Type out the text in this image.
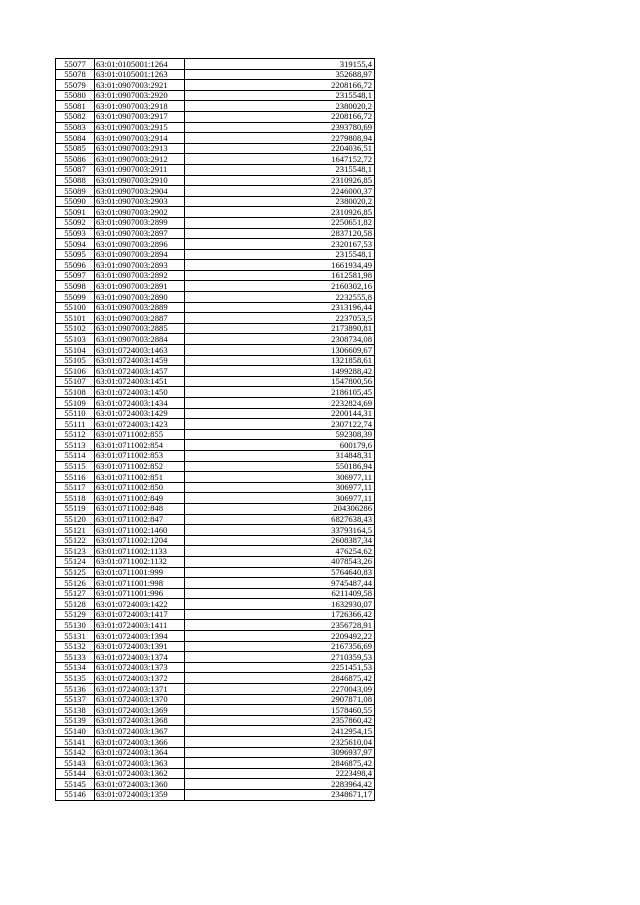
55077	63:01:0105001:1264	319155,4
55078	63:01:0105001:1263	352688,97
55079	63:01:0907003:2921	2208166,72
55080	63:01:0907003:2920	2315548,1
55081	63:01:0907003:2918	2380020,2
55082	63:01:0907003:2917	2208166,72
55083	63:01:0907003:2915	2393780,69
55084	63:01:0907003:2914	2279808,94
55085	63:01:0907003:2913	2204036,51
55086	63:01:0907003:2912	1647152,72
55087	63:01:0907003:2911	2315548,1
55088	63:01:0907003:2910	2310926,85
55089	63:01:0907003:2904	2246000,37
55090	63:01:0907003:2903	2380020,2
55091	63:01:0907003:2902	2310926,85
55092	63:01:0907003:2899	2250651,82
55093	63:01:0907003:2897	2837120,58
55094	63:01:0907003:2896	2320167,53
55095	63:01:0907003:2894	2315548,1
55096	63:01:0907003:2893	1661934,49
55097	63:01:0907003:2892	1612581,98
55098	63:01:0907003:2891	2160302,16
55099	63:01:0907003:2890	2232555,8
55100	63:01:0907003:2889	2313196,44
55101	63:01:0907003:2887	2237053,5
55102	63:01:0907003:2885	2173890,81
55103	63:01:0907003:2884	2308734,08
55104	63:01:0724003:1463	1306609,67
55105	63:01:0724003:1459	1321858,61
55106	63:01:0724003:1457	1499288,42
55107	63:01:0724003:1451	1547800,56
55108	63:01:0724003:1450	2186105,45
55109	63:01:0724003:1434	2232824,69
55110	63:01:0724003:1429	2200144,31
55111	63:01:0724003:1423	2307122,74
55112	63:01:0711002:855	592308,39
55113	63:01:0711002:854	600179,6
55114	63:01:0711002:853	314848,31
55115	63:01:0711002:852	550186,94
55116	63:01:0711002:851	306977,11
55117	63:01:0711002:850	306977,11
55118	63:01:0711002:849	306977,11
55119	63:01:0711002:848	204306286
55120	63:01:0711002:847	6827638,43
55121	63:01:0711002:1460	33793164,5
55122	63:01:0711002:1204	2608387,34
55123	63:01:0711002:1133	476254,62
55124	63:01:0711002:1132	4078543,26
55125	63:01:0711001:999	5764640,83
55126	63:01:0711001:998	9745487,44
55127	63:01:0711001:996	6211409,58
55128	63:01:0724003:1422	1632930,07
55129	63:01:0724003:1417	1726366,42
55130	63:01:0724003:1411	2356728,91
55131	63:01:0724003:1394	2209492,22
55132	63:01:0724003:1391	2167356,69
55133	63:01:0724003:1374	2710359,53
55134	63:01:0724003:1373	2251451,53
55135	63:01:0724003:1372	2846875,42
55136	63:01:0724003:1371	2270043,09
55137	63:01:0724003:1370	2907871,08
55138	63:01:0724003:1369	1578460,55
55139	63:01:0724003:1368	2357860,42
55140	63:01:0724003:1367	2412954,15
55141	63:01:0724003:1366	2325610,04
55142	63:01:0724003:1364	3096937,97
55143	63:01:0724003:1363	2846875,42
55144	63:01:0724003:1362	2223498,4
55145	63:01:0724003:1360	2283964,42
55146	63:01:0724003:1359	2348671,17
